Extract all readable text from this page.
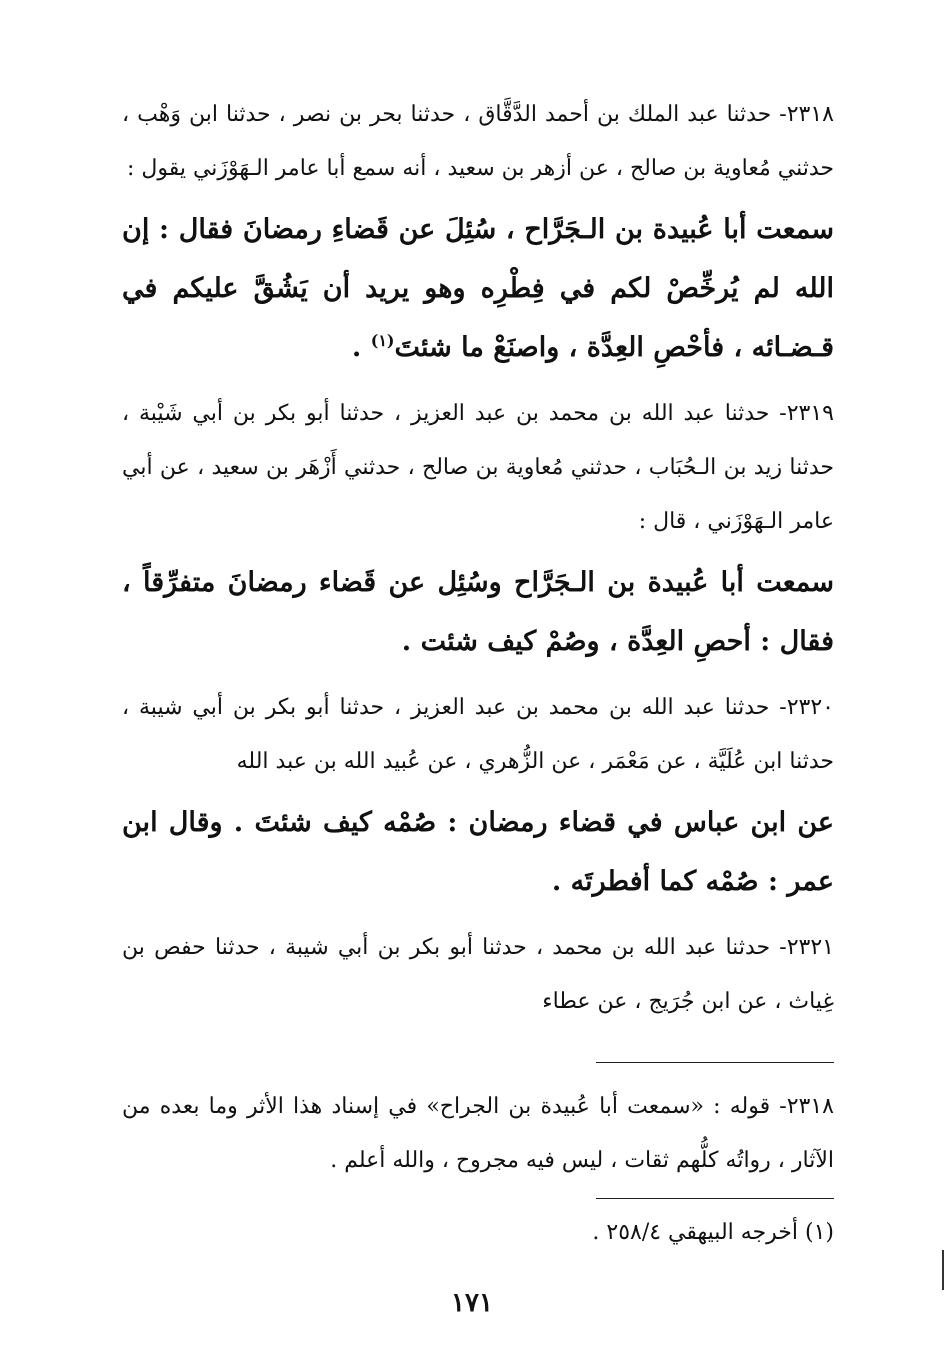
٢٣١٨- حدثنا عبد الملك بن أحمد الدَّقَّاق ، حدثنا بحر بن نصر ، حدثنا ابن وَهْب ، حدثني مُعاوية بن صالح ، عن أزهر بن سعيد ، أنه سمع أبا عامر الـهَوْزَني يقول :

سمعت أبا عُبيدة بن الـجَرَّاح ، سُئِلَ عن قَضاءِ رمضانَ فقال : إن الله لم يُرخِّصْ لكم في فِطْرِه وهو يريد أن يَشُقَّ عليكم في قـضـائه ، فأحْصِ العِدَّة ، واصنَعْ ما شئتَ$^{(١)}$ .

٢٣١٩- حدثنا عبد الله بن محمد بن عبد العزيز ، حدثنا أبو بكر بن أبي شَيْبة ، حدثنا زيد بن الـحُبَاب ، حدثني مُعاوية بن صالح ، حدثني أَزْهَر بن سعيد ، عن أبي عامر الـهَوْزَني ، قال :

سمعت أبا عُبيدة بن الـجَرَّاح وسُئِل عن قَضاء رمضانَ متفرِّقاً ، فقال : أحصِ العِدَّة ، وصُمْ كيف شئت .

٢٣٢٠- حدثنا عبد الله بن محمد بن عبد العزيز ، حدثنا أبو بكر بن أبي شيبة ، حدثنا ابن عُلَيَّة ، عن مَعْمَر ، عن الزُّهري ، عن عُبيد الله بن عبد الله

عن ابن عباس في قضاء رمضان : صُمْه كيف شئتَ . وقال ابن عمر : صُمْه كما أفطرتَه .

٢٣٢١- حدثنا عبد الله بن محمد ، حدثنا أبو بكر بن أبي شيبة ، حدثنا حفص بن غِياث ، عن ابن جُرَيج ، عن عطاء

٢٣١٨- قوله : «سمعت أبا عُبيدة بن الجراح» في إسناد هذا الأثر وما بعده من الآثار ، رواتُه كلُّهم ثقات ، ليس فيه مجروح ، والله أعلم .

(١) أخرجه البيهقي ٢٥٨/٤ .

١٧١
